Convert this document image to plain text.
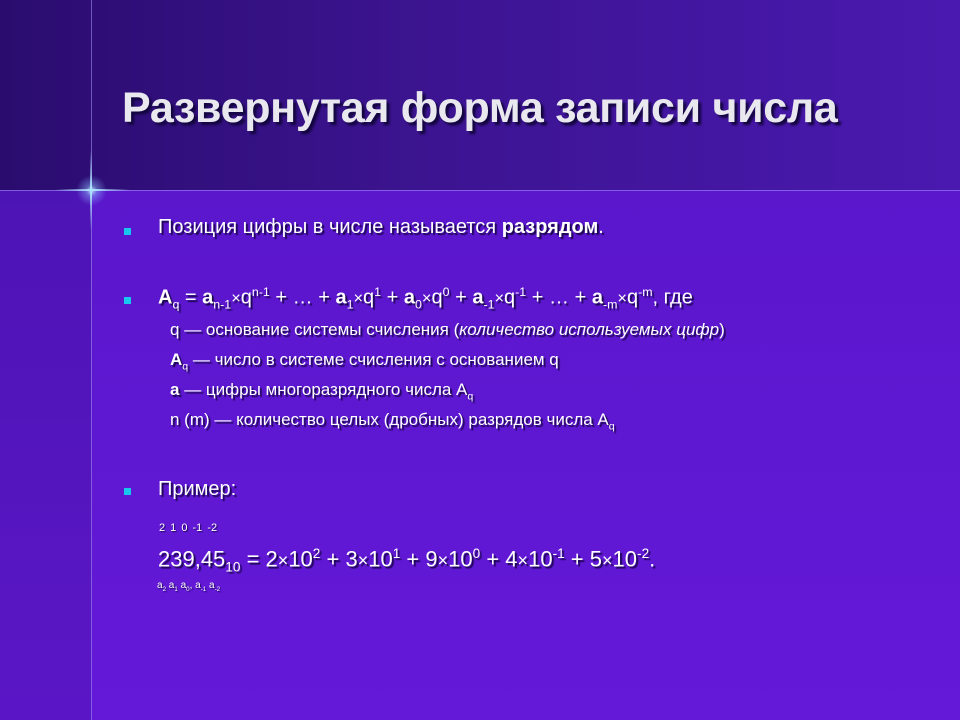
Развернутая форма записи числа
Позиция цифры в числе называется разрядом.
$A_q = a_{n-1}\times q^{n-1}$ + … + $a_1\times q^1 + a_0\times q^0 + a_{-1}\times q^{-1}$ + … + $a_{-m}\times q^{-m}$, где
q — основание системы счисления (количество используемых цифр)
$A_q$ — число в системе счисления с основанием q
a — цифры многоразрядного числа $A_q$
n (m) — количество целых (дробных) разрядов числа $A_q$
Пример:
2 1 0 -1 -2
$239,45_{10} = 2\times 10^2 + 3\times 10^1 + 9\times 10^0 + 4\times 10^{-1} + 5\times 10^{-2}$.
$a_2$ $a_1$ $a_0$, $a_{-1}$ $a_{-2}$
